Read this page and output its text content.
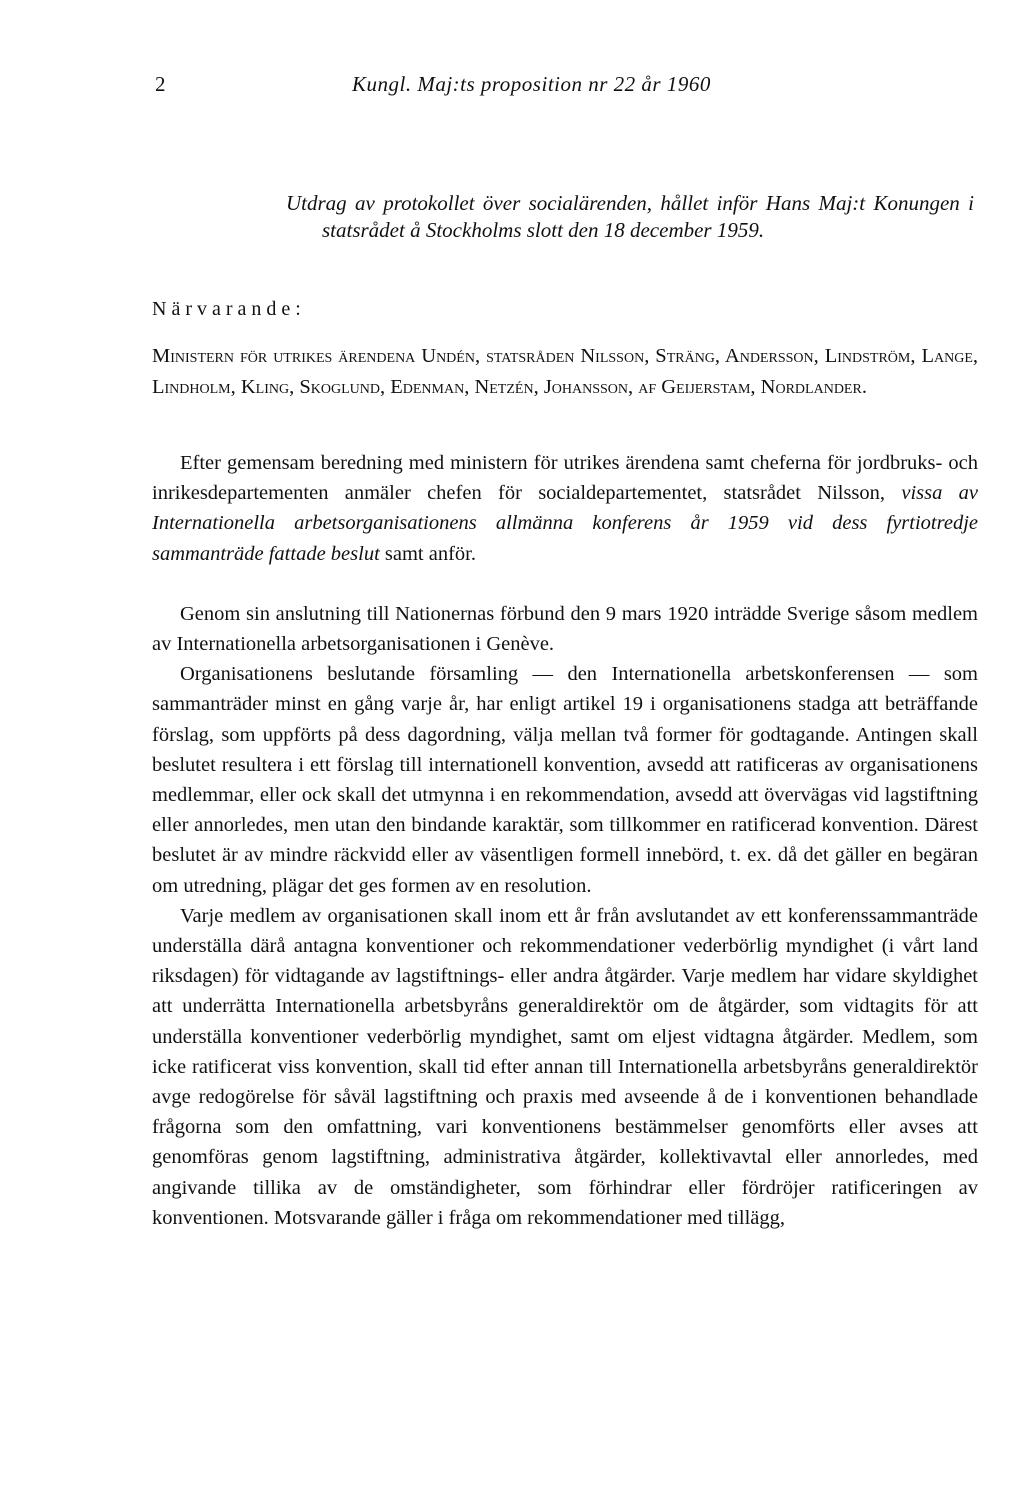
2	Kungl. Maj:ts proposition nr 22 år 1960
Utdrag av protokollet över socialärenden, hållet inför Hans Maj:t Konungen i statsrådet å Stockholms slott den 18 december 1959.
Närvarande:
Ministern för utrikes ärendena Undén, statsråden Nilsson, Sträng, Andersson, Lindström, Lange, Lindholm, Kling, Skoglund, Edenman, Netzén, Johansson, af Geijerstam, Nordlander.

Efter gemensam beredning med ministern för utrikes ärendena samt cheferna för jordbruks- och inrikesdepartementen anmäler chefen för socialdepartementet, statsrådet Nilsson, vissa av Internationella arbetsorganisationens allmänna konferens år 1959 vid dess fyrtiotredje sammanträde fattade beslut samt anför.

Genom sin anslutning till Nationernas förbund den 9 mars 1920 inträdde Sverige såsom medlem av Internationella arbetsorganisationen i Genève.

Organisationens beslutande församling — den Internationella arbetskonferensen — som sammanträder minst en gång varje år, har enligt artikel 19 i organisationens stadga att beträffande förslag, som uppförts på dess dagordning, välja mellan två former för godtagande. Antingen skall beslutet resultera i ett förslag till internationell konvention, avsedd att ratificeras av organisationens medlemmar, eller ock skall det utmynna i en rekommendation, avsedd att övervägas vid lagstiftning eller annorledes, men utan den bindande karaktär, som tillkommer en ratificerad konvention. Därest beslutet är av mindre räckvidd eller av väsentligen formell innebörd, t. ex. då det gäller en begäran om utredning, plägar det ges formen av en resolution.

Varje medlem av organisationen skall inom ett år från avslutandet av ett konferenssammanträde underställa därå antagna konventioner och rekommendationer vederbörlig myndighet (i vårt land riksdagen) för vidtagande av lagstiftnings- eller andra åtgärder. Varje medlem har vidare skyldighet att underrätta Internationella arbetsbyråns generaldirektör om de åtgärder, som vidtagits för att underställa konventioner vederbörlig myndighet, samt om eljest vidtagna åtgärder. Medlem, som icke ratificerat viss konvention, skall tid efter annan till Internationella arbetsbyråns generaldirektör avge redogörelse för såväl lagstiftning och praxis med avseende å de i konventionen behandlade frågorna som den omfattning, vari konventionens bestämmelser genomförts eller avses att genomföras genom lagstiftning, administrativa åtgärder, kollektivavtal eller annorledes, med angivande tillika av de omständigheter, som förhindrar eller fördröjer ratificeringen av konventionen. Motsvarande gäller i fråga om rekommendationer med tillägg,
